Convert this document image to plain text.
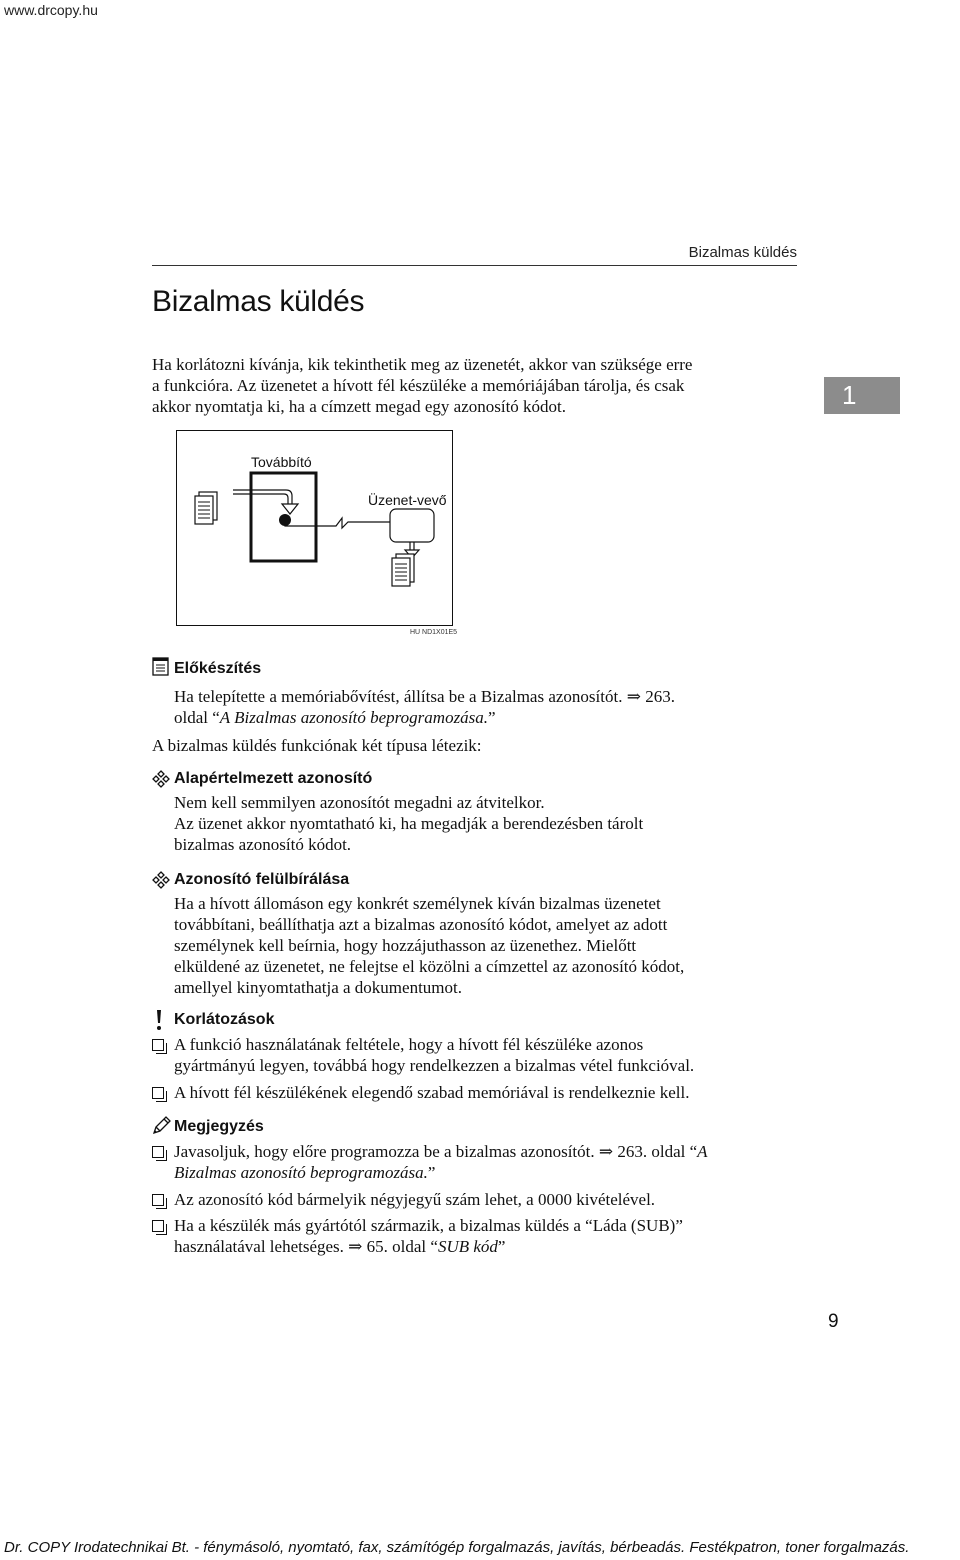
www.drcopy.hu
Bizalmas küldés
Bizalmas küldés
1

Ha korlátozni kívánja, kik tekinthetik meg az üzenetét, akkor van szüksége erre

a funkcióra. Az üzenetet a hívott fél készüléke a memóriájában tárolja, és csak

akkor nyomtatja ki, ha a címzett megad egy azonosító kódot.

Továbbító
Üzenet-vevő
HU ND1X01E5
Előkészítés
Ha telepítette a memóriabővítést, állítsa be a Bizalmas azonosítót. ⇒ 263.
oldal “A Bizalmas azonosító beprogramozása.”
A bizalmas küldés funkciónak két típusa létezik:
Alapértelmezett azonosító
Nem kell semmilyen azonosítót megadni az átvitelkor.
Az üzenet akkor nyomtatható ki, ha megadják a berendezésben tárolt
bizalmas azonosító kódot.
Azonosító felülbírálása
Ha a hívott állomáson egy konkrét személynek kíván bizalmas üzenetet
továbbítani, beállíthatja azt a bizalmas azonosító kódot, amelyet az adott
személynek kell beírnia, hogy hozzájuthasson az üzenethez. Mielőtt
elküldené az üzenetet, ne felejtse el közölni a címzettel az azonosító kódot,
amellyel kinyomtathatja a dokumentumot.
Korlátozások
A funkció használatának feltétele, hogy a hívott fél készüléke azonos
gyártmányú legyen, továbbá hogy rendelkezzen a bizalmas vétel funkcióval.
A hívott fél készülékének elegendő szabad memóriával is rendelkeznie kell.
Megjegyzés
Javasoljuk, hogy előre programozza be a bizalmas azonosítót. ⇒ 263. oldal “A
Bizalmas azonosító beprogramozása.”
Az azonosító kód bármelyik négyjegyű szám lehet, a 0000 kivételével.
Ha a készülék más gyártótól származik, a bizalmas küldés a “Láda (SUB)”
használatával lehetséges. ⇒ 65. oldal “SUB kód”
9
Dr. COPY Irodatechnikai Bt. - fénymásoló, nyomtató, fax, számítógép forgalmazás, javítás, bérbeadás. Festékpatron, toner forgalmazás.
